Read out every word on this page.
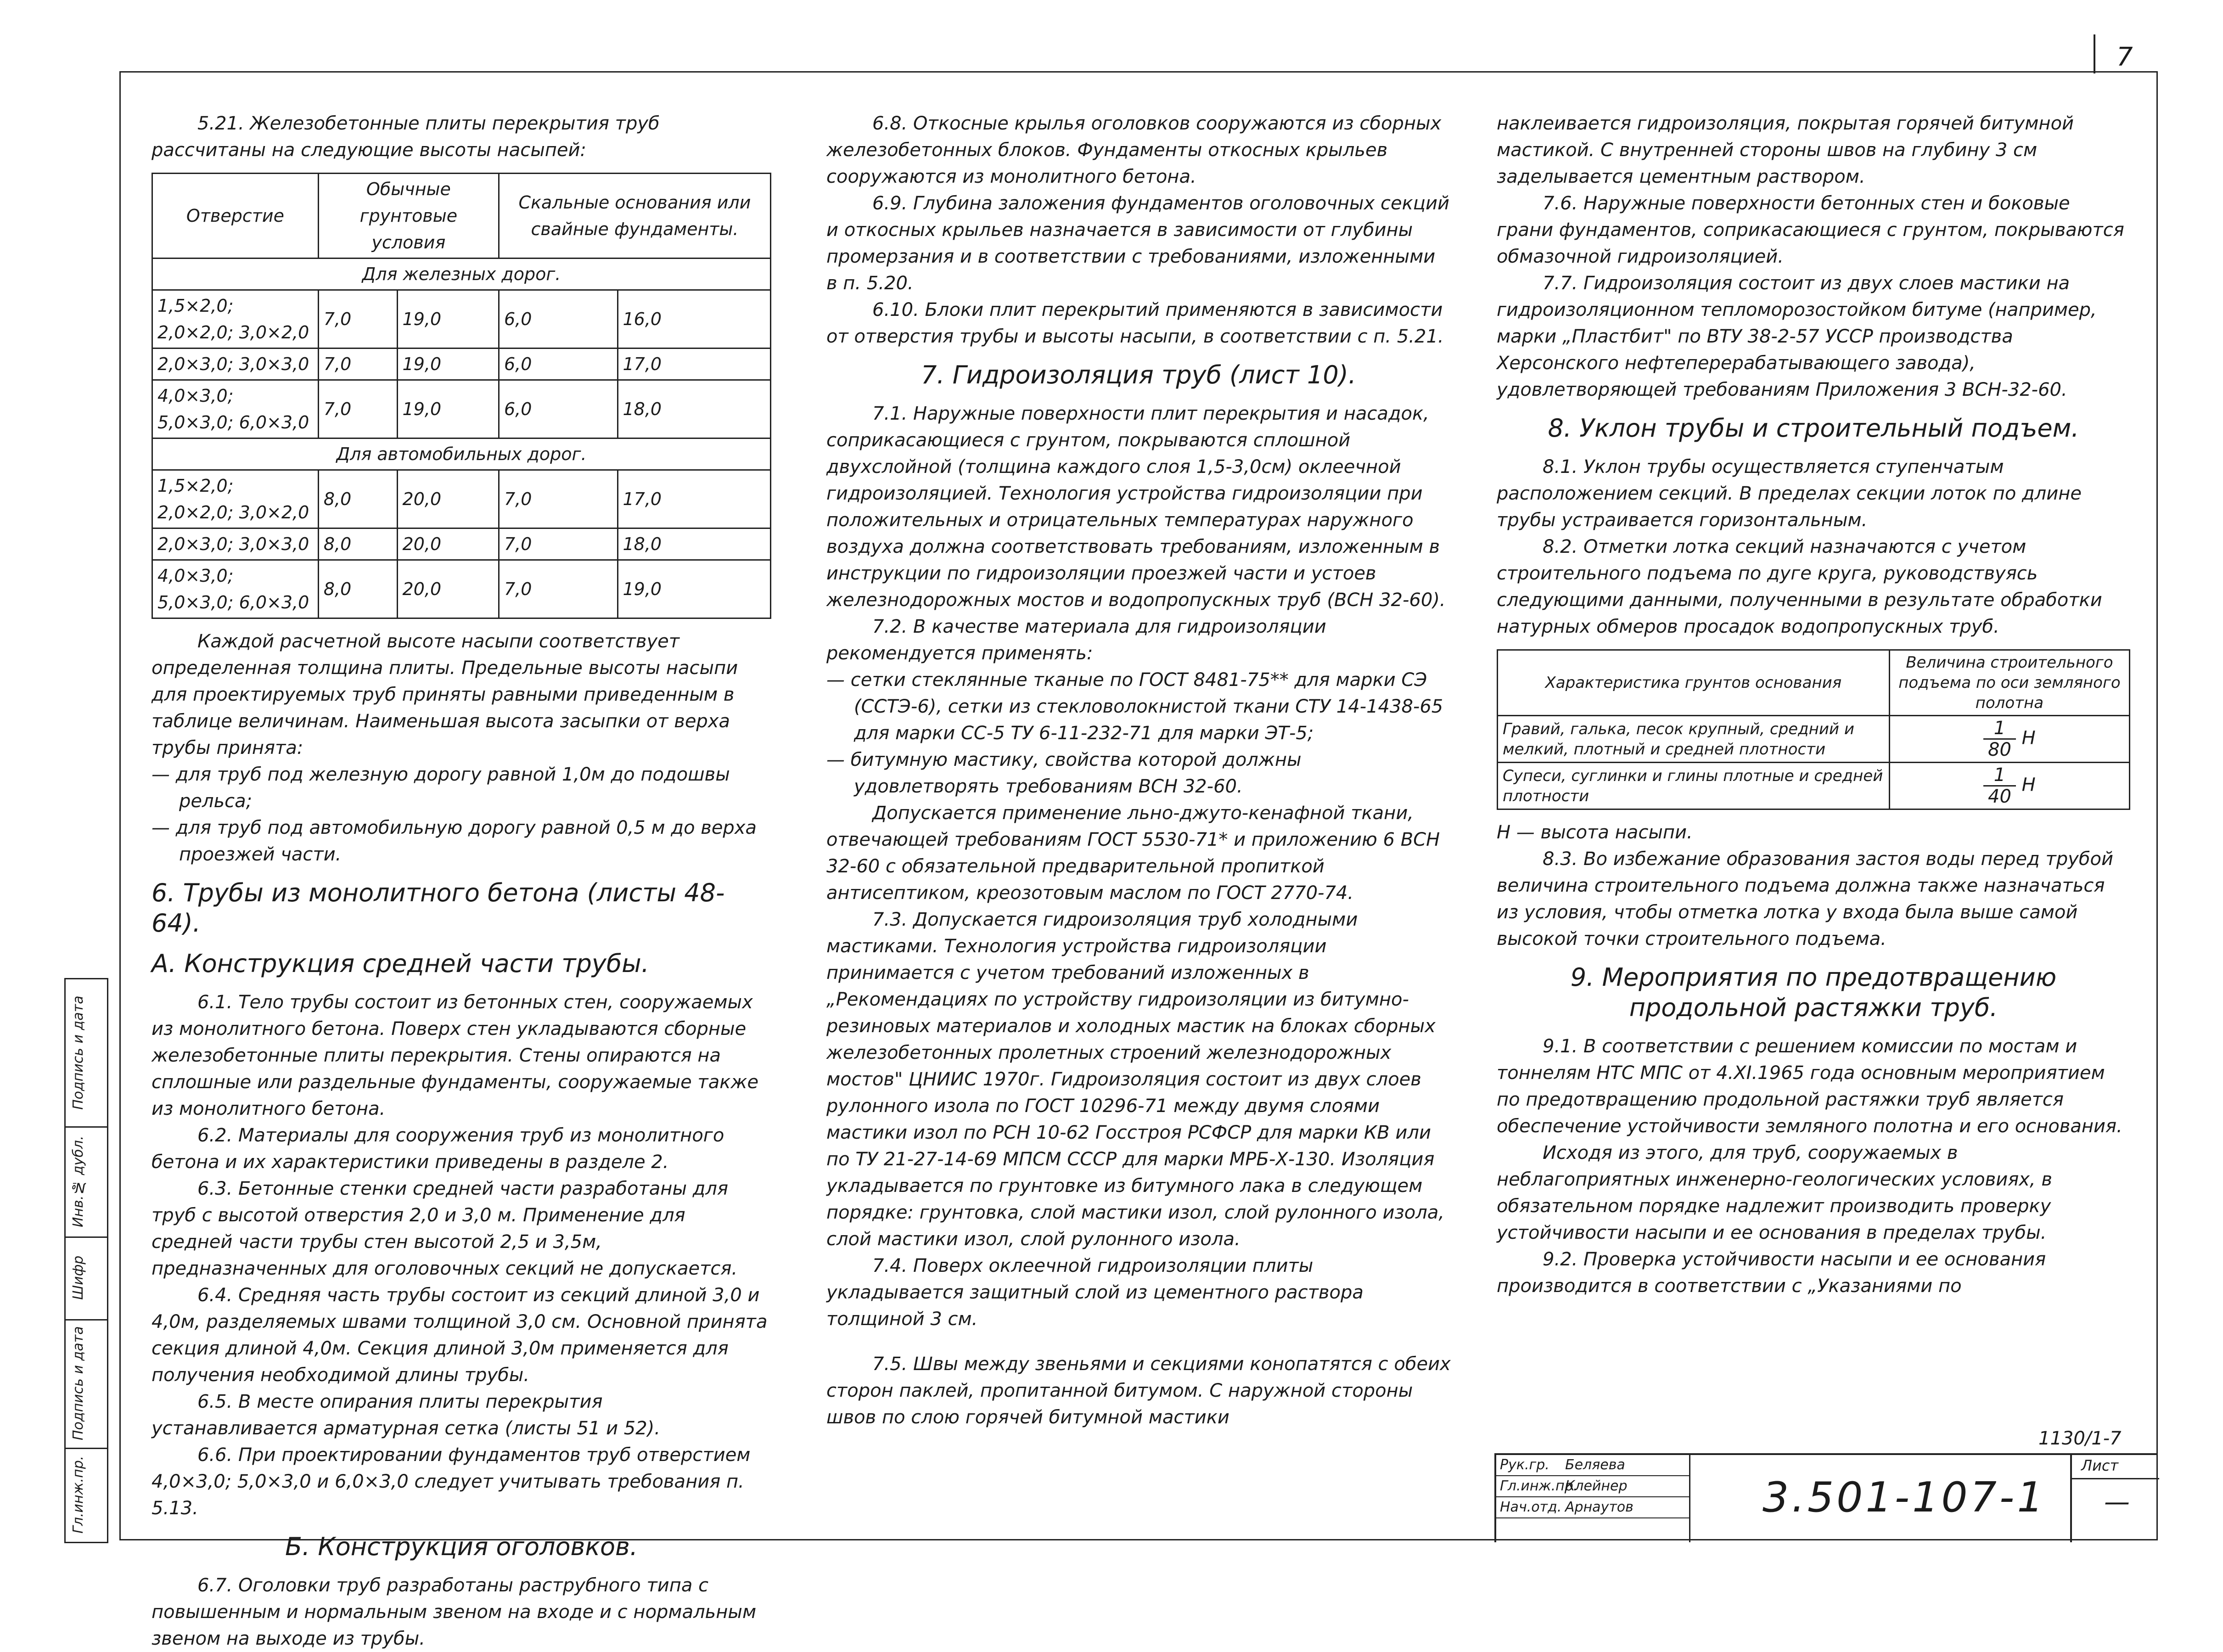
7

5.21. Железобетонные плиты перекрытия труб рассчитаны на следующие высоты насыпей:

Отверстие	Обычные грунтовые условия		Скальные основания или свайные фундаменты.	
Для железных дорог.				
1,5×2,0; 2,0×2,0; 3,0×2,0	7,0	19,0	6,0	16,0
2,0×3,0; 3,0×3,0	7,0	19,0	6,0	17,0
4,0×3,0; 5,0×3,0; 6,0×3,0	7,0	19,0	6,0	18,0
Для автомобильных дорог.				
1,5×2,0; 2,0×2,0; 3,0×2,0	8,0	20,0	7,0	17,0
2,0×3,0; 3,0×3,0	8,0	20,0	7,0	18,0
4,0×3,0; 5,0×3,0; 6,0×3,0	8,0	20,0	7,0	19,0

Каждой расчетной высоте насыпи соответствует определенная толщина плиты. Предельные высоты насыпи для проектируемых труб приняты равными приведенным в таблице величинам. Наименьшая высота засыпки от верха трубы принята:

— для труб под железную дорогу равной 1,0м до подошвы рельса;

— для труб под автомобильную дорогу равной 0,5 м до верха проезжей части.

6. Трубы из монолитного бетона (листы 48-64).
А. Конструкция средней части трубы.

6.1. Тело трубы состоит из бетонных стен, сооружаемых из монолитного бетона. Поверх стен укладываются сборные железобетонные плиты перекрытия. Стены опираются на сплошные или раздельные фундаменты, сооружаемые также из монолитного бетона.

6.2. Материалы для сооружения труб из монолитного бетона и их характеристики приведены в разделе 2.

6.3. Бетонные стенки средней части разработаны для труб с высотой отверстия 2,0 и 3,0 м. Применение для средней части трубы стен высотой 2,5 и 3,5м, предназначенных для оголовочных секций не допускается.

6.4. Средняя часть трубы состоит из секций длиной 3,0 и 4,0м, разделяемых швами толщиной 3,0 см. Основной принята секция длиной 4,0м. Секция длиной 3,0м применяется для получения необходимой длины трубы.

6.5. В месте опирания плиты перекрытия устанавливается арматурная сетка (листы 51 и 52).

6.6. При проектировании фундаментов труб отверстием 4,0×3,0; 5,0×3,0 и 6,0×3,0 следует учитывать требования п. 5.13.

Б. Конструкция оголовков.

6.7. Оголовки труб разработаны раструбного типа с повышенным и нормальным звеном на входе и с нормальным звеном на выходе из трубы.

6.8. Откосные крылья оголовков сооружаются из сборных железобетонных блоков. Фундаменты откосных крыльев сооружаются из монолитного бетона.

6.9. Глубина заложения фундаментов оголовочных секций и откосных крыльев назначается в зависимости от глубины промерзания и в соответствии с требованиями, изложенными в п. 5.20.

6.10. Блоки плит перекрытий применяются в зависимости от отверстия трубы и высоты насыпи, в соответствии с п. 5.21.

7. Гидроизоляция труб (лист 10).

7.1. Наружные поверхности плит перекрытия и насадок, соприкасающиеся с грунтом, покрываются сплошной двухслойной (толщина каждого слоя 1,5-3,0см) оклеечной гидроизоляцией. Технология устройства гидроизоляции при положительных и отрицательных температурах наружного воздуха должна соответствовать требованиям, изложенным в инструкции по гидроизоляции проезжей части и устоев железнодорожных мостов и водопропускных труб (ВСН 32-60).

7.2. В качестве материала для гидроизоляции рекомендуется применять:

— сетки стеклянные тканые по ГОСТ 8481-75** для марки СЭ (ССТЭ-6), сетки из стекловолокнистой ткани СТУ 14-1438-65 для марки СС-5 ТУ 6-11-232-71 для марки ЭТ-5;

— битумную мастику, свойства которой должны удовлетворять требованиям ВСН 32-60.

Допускается применение льно-джуто-кенафной ткани, отвечающей требованиям ГОСТ 5530-71* и приложению 6 ВСН 32-60 с обязательной предварительной пропиткой антисептиком, креозотовым маслом по ГОСТ 2770-74.

7.3. Допускается гидроизоляция труб холодными мастиками. Технология устройства гидроизоляции принимается с учетом требований изложенных в „Рекомендациях по устройству гидроизоляции из битумно-резиновых материалов и холодных мастик на блоках сборных железобетонных пролетных строений железнодорожных мостов" ЦНИИС 1970г. Гидроизоляция состоит из двух слоев рулонного изола по ГОСТ 10296-71 между двумя слоями мастики изол по РСН 10-62 Госстроя РСФСР для марки КВ или по ТУ 21-27-14-69 МПСМ СССР для марки МРБ-Х-130. Изоляция укладывается по грунтовке из битумного лака в следующем порядке: грунтовка, слой мастики изол, слой рулонного изола, слой мастики изол, слой рулонного изола.

7.4. Поверх оклеечной гидроизоляции плиты укладывается защитный слой из цементного раствора толщиной 3 см.

7.5. Швы между звеньями и секциями конопатятся с обеих сторон паклей, пропитанной битумом. С наружной стороны швов по слою горячей битумной мастики

наклеивается гидроизоляция, покрытая горячей битумной мастикой. С внутренней стороны швов на глубину 3 см заделывается цементным раствором.

7.6. Наружные поверхности бетонных стен и боковые грани фундаментов, соприкасающиеся с грунтом, покрываются обмазочной гидроизоляцией.

7.7. Гидроизоляция состоит из двух слоев мастики на гидроизоляционном тепломорозостойком битуме (например, марки „Пластбит" по ВТУ 38-2-57 УССР производства Херсонского нефтеперерабатывающего завода), удовлетворяющей требованиям Приложения 3 ВСН-32-60.

8. Уклон трубы и строительный подъем.

8.1. Уклон трубы осуществляется ступенчатым расположением секций. В пределах секции лоток по длине трубы устраивается горизонтальным.

8.2. Отметки лотка секций назначаются с учетом строительного подъема по дуге круга, руководствуясь следующими данными, полученными в результате обработки натурных обмеров просадок водопропускных труб.

Характеристика грунтов основания	Величина строительного подъема по оси земляного полотна
Гравий, галька, песок крупный, средний и мелкий, плотный и средней плотности	$\frac{1}{80}$ Н
Супеси, суглинки и глины плотные и средней плотности	$\frac{1}{40}$ Н

Н — высота насыпи.

8.3. Во избежание образования застоя воды перед трубой величина строительного подъема должна также назначаться из условия, чтобы отметка лотка у входа была выше самой высокой точки строительного подъема.

9. Мероприятия по предотвращению продольной растяжки труб.

9.1. В соответствии с решением комиссии по мостам и тоннелям НТС МПС от 4.XI.1965 года основным мероприятием по предотвращению продольной растяжки труб является обеспечение устойчивости земляного полотна и его основания.

Исходя из этого, для труб, сооружаемых в неблагоприятных инженерно-геологических условиях, в обязательном порядке надлежит производить проверку устойчивости насыпи и ее основания в пределах трубы.

9.2. Проверка устойчивости насыпи и ее основания производится в соответствии с „Указаниями по

1130/1-7
Рук.гр. Беляева
Гл.инж.пр.
Клейнер
Нач.отд. Арнаутов	3.501-107-1
Лист
—
Подпись и дата
Инв.№ дубл.
Шифр
Подпись и дата
Гл.инж.пр.
